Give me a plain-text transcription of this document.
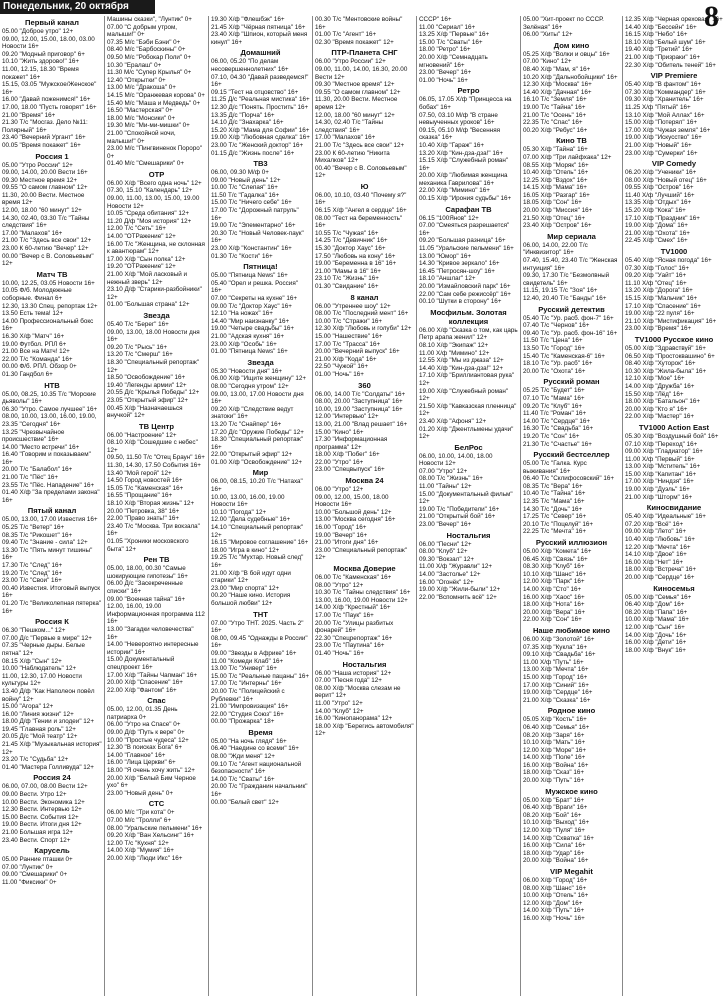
Понедельник, 20 октября	8
Первый канал
05.00 "Доброе утро" 12+
09.00, 12.00, 15.00, 18.00, 03.00 Новости 16+
09.20 "Модный приговор" 6+
10.10 "Жить здорово!" 16+
11.00, 12.15, 18.30 "Время покажет" 16+
15.15, 03.05 "Мужское/Женское" 16+
16.00 "Давай поженимся!" 16+
17.00, 18.00 "Пусть говорят" 16+
21.00 "Время" 16+
21.30 Т/с "Мосгаз. Дело №11: Полярный" 16+
23.40 "Вечерний Ургант" 16+
00.05 "Время покажет" 16+
Россия 1
05.00 "Утро России" 12+
09.00, 14.00, 20.00 Вести 16+
09.30 Местное время 12+
09.55 "О самом главном" 12+
11.30, 20.00 Вести. Местное время 12+
12.00, 18.00 "60 минут" 12+
14.30, 02.40, 03.30 Т/с "Тайны следствия" 16+
17.00 "Малахов" 16+
21.00 Т/с "Здесь все свои" 12+
23.00 К 60-летию "Вечер" 12+
00.00 "Вечер с В. Соловьевым" 12+
Матч ТВ
10.00, 12.25, 03.05 Новости 16+
10.05 Ф/б. Молодежные соборные. Финал 6+
12.30, 13.30 Спец. репортаж 12+
13.50 Есть тема! 12+
14.00 Профессиональный бокс 16+
16.30 Х/ф "Матч" 16+
19.00 Футбол. РПЛ 6+
21.00 Все на Матч! 12+
22.00 Т/с "Команда" 16+
00.00 Ф/б. РПЛ. Обзор 0+
01.30 Гандбол 6+
НТВ
05.00, 08.25, 10.35 Т/с "Морские дьяволы" 16+
06.30 "Утро. Самое лучшее" 16+
08.00, 10.00, 13.00, 16.00, 19.00, 23.35 "Сегодня" 16+
13.25 "Чрезвычайное происшествие" 16+
14.00 "Место встречи" 16+
16.40 "Говорим и показываем" 16+
20.00 Т/с "Балабол" 16+
21.00 Т/с "Пёс" 16+
23.55 Т/с "Пёс. Нападение" 16+
01.40 Х/ф "За пределами закона" 16+
Пятый канал
05.00, 13.00, 17.00 Известия 16+
05.25 Т/с "Ветер" 16+
08.35 Т/с "Рикошет" 16+
09.40 Т/с "Знание - сила" 12+
13.30 Т/с "Пять минут тишины" 16+
17.30 Т/с "След" 16+
19.20 Т/с "След" 16+
23.00 Т/с "Свои" 16+
00.40 Известия. Итоговый выпуск 16+
01.20 Т/с "Великолепная пятерка" 16+
Россия К
06.30 "Пешком..." 12+
07.00 Д/с "Первые в мире" 12+
07.35 "Черные дыры. Белые пятна" 12+
08.15 Х/ф "Сын" 12+
10.00 "Наблюдатель" 12+
11.00, 12.30, 17.00 Новости культуры 12+
13.40 Д/ф "Как Наполеон повёл войну" 12+
15.00 "Агора" 12+
16.00 "Линия жизни" 12+
18.00 Д/ф "Гении и злодеи" 12+
19.45 "Главная роль" 12+
20.05 Д/с "Мой театр" 12+
21.45 Х/ф "Музыкальная история" 12+
23.20 Т/с "Судьба" 12+
01.40 "Мастера Голливуда" 12+
Россия 24
06.00, 07.00, 08.00 Вести 12+
09.00 Вести. Утро 12+
10.00 Вести. Экономика 12+
12.30 Вести. Интервью 12+
15.00 Вести. События 12+
19.00 Вести. Итоги дня 12+
21.00 Большая игра 12+
23.40 Вести. Спорт 12+
Карусель
05.00 Ранние пташки 0+
07.00 "Лунтик" 0+
09.00 "Смешарики" 0+
11.00 "Фиксики" 0+
Машины сказки", "Лунтик" 0+
07.00 "С добрым утром, малыши!" 0+
07.35 М/с "Бэби Бэни" 0+
08.40 М/с "Барбоскины" 0+
09.50 М/с "Робокар Поли" 0+
10.30 "Ералаш" 0+
11.30 М/с "Супер Крылья" 0+
12.40 "Открытки" 0+
13.00 М/с "Дракоша" 0+
14.15 М/с "Оранжевая корова" 0+
15.40 М/с "Маша и Медведь" 0+
16.50 "Мастерская" 0+
18.00 М/с "Монсики" 0+
19.30 М/с "Ми-ми-мишки" 0+
21.00 "Спокойной ночи, малыши!" 0+
23.00 М/с "Пингвиненок Пороро" 0+
01.40 М/с "Смешарики" 0+
ОТР
06.00 Х/ф "Всего одна ночь" 12+
07.30, 15.10 "Календарь" 12+
09.00, 11.00, 13.00, 15.00, 19.00 Новости 12+
10.05 "Среда обитания" 12+
11.20 Д/ф "Моя история" 12+
12.00 Т/с "Сеть" 16+
14.00 "ОТРажение" 12+
16.00 Т/с "Женщина, не склонная к авантюрам" 12+
17.00 Х/ф "Сын полка" 12+
19.20 "ОТРажение" 12+
21.00 Х/ф "Мой ласковый и нежный зверь" 12+
23.10 Д/ф "Старики-разбойники" 12+
01.00 "Большая страна" 12+
Звезда
05.40 Т/с "Берег" 16+
09.00, 13.00, 18.00 Новости дня 16+
09.20 Т/с "Рысь" 16+
13.20 Т/с "Смерш" 16+
18.30 "Специальный репортаж" 12+
18.50 "Освобождение" 16+
19.40 "Легенды армии" 12+
20.55 Д/с "Крылья Победы" 12+
23.05 "Открытый эфир" 12+
00.45 Х/ф "Назначаешься внучкой" 12+
ТВ Центр
06.00 "Настроение" 12+
08.10 Х/ф "Сошедшие с небес" 12+
09.50, 11.50 Т/с "Отец Браун" 16+
11.30, 14.30, 17.50 События 16+
13.40 "Мой герой" 12+
14.50 Город новостей 16+
15.05 Т/с "Каменская" 16+
16.55 "Прощание" 16+
18.10 Х/ф "Вторая жизнь" 12+
20.00 "Петровка, 38" 16+
22.00 "Право знать!" 16+
23.40 Т/с "Москва. Три вокзала" 16+
01.05 "Хроники московского быта" 12+
Рен ТВ
05.00, 18.00, 00.30 "Самые шокирующие гипотезы" 16+
06.00 Д/с "Засекреченные списки" 16+
09.00 "Военная тайна" 16+
12.00, 16.00, 19.00 Информационная программа 112 16+
13.00 "Загадки человечества" 16+
14.00 "Невероятно интересные истории" 16+
15.00 Документальный спецпроект 16+
17.00 Х/ф "Тайны Чапман" 16+
20.00 Х/ф "Спасение" 16+
22.00 Х/ф "Фантом" 16+
Спас
05.00, 12.00, 01.35 День патриарха 0+
06.00 "Утро на Спасе" 0+
09.00 Д/ф "Путь к вере" 0+
10.00 "Простые чудеса" 12+
12.30 "В поисках Бога" 6+
14.00 "Главное" 16+
16.00 "Лица Церкви" 6+
18.00 "Я очень хочу жить" 12+
20.00 Х/ф "Белый Бим Черное ухо" 6+
23.00 "Новый день" 0+
СТС
06.00 М/с "Три кота" 0+
07.00 М/с "Тролли" 6+
08.00 "Уральские пельмени" 16+
09.20 Х/ф "Ван Хельсинг" 16+
12.00 Т/с "Кухня" 12+
14.00 Х/ф "Мумия" 16+
20.00 Х/ф "Люди Икс" 16+
19.30 Х/ф "Флешбэк" 16+
21.45 Х/ф "Чёрная пятница" 16+
23.40 Х/ф "Шпион, который меня кинул" 16+
Домашний
06.00, 05.20 "По делам несовершеннолетних" 16+
07.10, 04.30 "Давай разведемся!" 16+
09.15 "Тест на отцовство" 16+
11.25 Д/с "Реальная мистика" 16+
12.30 Д/с "Понять. Простить" 16+
13.35 Д/с "Порча" 16+
14.10 Д/с "Знахарка" 16+
15.20 Х/ф "Мама для Софии" 16+
19.00 Х/ф "Любовная сделка" 16+
23.00 Т/с "Женский доктор" 16+
01.15 Д/с "Жизнь после" 16+
ТВ3
06.00, 09.30 М/ф 0+
09.00 "Новый день" 12+
10.00 Т/с "Слепая" 16+
11.50 Т/с "Гадалка" 16+
15.00 Т/с "Ничего себе" 16+
17.00 Т/с "Дорожный патруль" 16+
19.00 Т/с "Элементарно" 16+
20.30 Т/с "Новый Человек-паук" 16+
23.00 Х/ф "Константин" 16+
01.30 Т/с "Кости" 16+
Пятница!
05.00 "Пятница News" 16+
05.40 "Орел и решка. Россия" 16+
07.00 "Секреты на кухне" 16+
09.00 Т/с "Доктор Хаус" 16+
12.10 "На ножах" 16+
14.40 "Мир наизнанку" 16+
19.00 "Четыре свадьбы" 16+
21.00 "Адская кухня" 16+
23.00 Х/ф "Особь" 16+
01.00 "Пятница News" 16+
Звезда
05.30 "Новости дня" 16+
06.00 Х/ф "Ищите женщину" 12+
08.00 "Сегодня утром" 12+
09.00, 13.00, 17.00 Новости дня 16+
09.20 Х/ф "Следствие ведут знатоки" 16+
13.20 Т/с "Снайпер" 16+
17.20 Д/с "Оружие Победы" 12+
18.30 "Специальный репортаж" 16+
22.00 "Открытый эфир" 12+
01.00 Х/ф "Освобождение" 12+
Мир
06.00, 08.15, 10.20 Т/с "Натаха" 16+
10.00, 13.00, 16.00, 19.00 Новости 16+
10.10 "Погода" 12+
12.00 "Дела судебные" 16+
14.10 "Специальный репортаж" 12+
16.15 "Мировое соглашение" 16+
18.00 "Игра в кино" 12+
19.25 Т/с "Мухтар. Новый след" 16+
21.00 Х/ф "В бой идут одни старики" 12+
23.00 "Мир спорта" 12+
00.20 "Наше кино. История большой любви" 12+
ТНТ
07.00 "Утро ТНТ. 2025. Часть 2" 16+
08.00, 09.45 "Однажды в России" 16+
09.00 "Звезды в Африке" 16+
11.00 "Комеди Клаб" 16+
13.00 Т/с "Универ" 16+
15.00 Т/с "Реальные пацаны" 16+
17.00 Т/с "Интерны" 16+
20.00 Т/с "Полицейский с Рублевки" 16+
21.00 "Импровизация" 16+
22.00 "Студия Союз" 16+
00.00 "Прожарка" 18+
Время
05.00 "На ночь глядя" 16+
06.40 "Наедине со всеми" 16+
08.00 "Жди меня" 12+
09.10 Т/с "Агент национальной безопасности" 16+
14.00 Т/с "Сваты" 16+
20.00 Т/с "Гражданин начальник" 16+
00.00 "Белый свет" 12+
00.30 Т/с "Ментовские войны" 16+
01.00 Т/с "Агент" 16+
02.30 "Время покажет" 12+
ПТР-Планета СНГ
06.00 "Утро России" 12+
09.00, 11.00, 14.00, 16.30, 20.00 Вести 12+
09.30 "Местное время" 12+
09.55 "О самом главном" 12+
11.30, 20.00 Вести. Местное время 12+
12.00, 18.00 "60 минут" 12+
14.30, 02.40 Т/с "Тайны следствия" 16+
17.00 "Малахов" 16+
21.00 Т/с "Здесь все свои" 12+
23.00 К 60-летию "Никита Михалков" 12+
00.40 "Вечер с В. Соловьевым" 12+
Ю
06.00, 10.10, 03.40 "Почему я?" 16+
06.15 Х/ф "Ангел в сердце" 16+
08.00 "Тест на беременность" 16+
10.55 Т/с "Чужая" 16+
14.25 Т/с "Девичник" 16+
15.30 "Доктор Хаус" 16+
17.50 "Любовь на кону" 16+
19.00 "Беременна в 16" 16+
21.00 "Мамы в 16" 16+
23.10 Т/с "Жизнь" 16+
01.30 "Свидание" 16+
8 канал
06.00 "Утреннее шоу" 12+
08.00 Т/с "Последний мент" 16+
10.00 Т/с "Стражи" 16+
12.30 Х/ф "Любовь и голуби" 12+
15.00 "Нашествие" 16+
17.00 Т/с "Трасса" 16+
20.00 "Вечерний выпуск" 16+
21.00 Х/ф "Кода" 16+
22.50 "Чужой" 16+
01.00 "Ночь" 16+
360
06.00, 14.00 Т/с "Солдаты" 16+
08.00, 20.00 "Заступница" 16+
10.00, 19.00 "Заступница" 16+
12.00 "Интервью" 12+
13.00, 21.00 "Влад решает" 16+
15.00 "Кино" 16+
17.30 "Информационная программа" 12+
18.00 Х/ф "Побег" 16+
22.00 "Утро" 16+
23.00 "Спецвыпуск" 16+
Москва 24
06.00 "Утро" 12+
09.00, 12.00, 15.00, 18.00 Новости 16+
10.00 "Большой день" 12+
13.00 "Москва сегодня" 16+
16.00 "Город" 16+
19.00 "Вечер" 16+
21.00 "Итоги дня" 16+
23.00 "Специальный репортаж" 12+
Москва Доверие
06.00 Т/с "Каменская" 16+
08.00 "Утро" 12+
10.30 Т/с "Тайны следствия" 16+
13.00, 16.00, 19.00 Новости 12+
14.00 Х/ф "Крестный" 16+
17.00 Т/с "Паук" 16+
20.00 Т/с "Улицы разбитых фонарей" 16+
22.30 "Спецрепортаж" 16+
23.00 Т/с "Паутина" 16+
01.40 "Ночь" 16+
Ностальгия
06.00 "Наша история" 12+
07.00 "Песня года" 12+
08.00 Х/ф "Москва слезам не верит" 12+
11.00 "Утро" 12+
14.00 "Клуб" 12+
16.00 "Кинопанорама" 12+
18.00 Х/ф "Берегись автомобиля" 12+
СССР" 16+
11.00 "Сериал" 16+
13.25 Х/ф "Первые" 16+
15.00 Т/с "Сваты" 16+
18.00 "Ретро" 16+
20.00 Х/ф "Семнадцать мгновений" 16+
23.00 "Вечер" 16+
01.00 "Ночь" 16+
Ретро
06.05, 17.05 Х/ф "Принцесса на бобах" 16+
07.50, 03.10 М/ф "В стране невыученных уроков" 16+
09.15, 05.10 М/ф "Весенняя сказка" 16+
10.40 Х/ф "Гараж" 16+
13.20 Х/ф "Кин-дза-дза!" 16+
15.15 Х/ф "Служебный роман" 16+
20.00 Х/ф "Любимая женщина механика Гаврилова" 16+
22.00 Х/ф "Мимино" 16+
00.15 Х/ф "Ирония судьбы" 16+
Сарафан ТВ
06.15 "100Янов" 12+
07.00 "Смеяться разрешается" 16+
09.20 "Большая разница" 16+
11.05 "Уральские пельмени" 16+
13.00 "Юмор" 16+
14.30 "Кривое зеркало" 16+
16.45 "Петросян-шоу" 16+
18.10 "Аншлаг" 12+
20.00 "Измайловский парк" 16+
22.00 "Сам себе режиссёр" 16+
00.10 "Шутки в сторону" 16+
Мосфильм. Золотая коллекция
06.00 Х/ф "Сказка о том, как царь Петр арапа женил" 12+
08.10 Х/ф "Экипаж" 12+
11.00 Х/ф "Мимино" 12+
12.55 Х/ф "Мы из джаза" 12+
14.40 Х/ф "Кин-дза-дза!" 12+
17.10 Х/ф "Бриллиантовая рука" 12+
19.00 Х/ф "Служебный роман" 12+
21.50 Х/ф "Кавказская пленница" 12+
23.40 Х/ф "Афоня" 12+
01.20 Х/ф "Джентльмены удачи" 12+
БелРос
06.00, 10.00, 14.00, 18.00 Новости 12+
07.00 "Утро" 12+
08.00 Т/с "Жизнь" 16+
11.00 "Тайны" 12+
15.00 "Документальный фильм" 12+
19.00 Т/с "Победители" 16+
21.00 "Открытый бой" 16+
23.00 "Вечер" 16+
Ностальгия
06.00 "Песни" 12+
08.00 "Клуб" 12+
09.30 "Вокзал" 12+
11.00 Х/ф "Журавли" 12+
14.00 "Застолье" 12+
16.00 "Огонёк" 12+
19.00 Х/ф "Жили-были" 12+
22.00 "Вспомнить всё" 12+
05.00 "Хит-проект по СССР. Зелёная" 16+
06.00 "Хиты" 12+
Дом кино
05.25 Х/ф "Волки и овцы" 16+
07.00 "Кино" 12+
08.40 Х/ф "Мам, я" 16+
10.20 Х/ф "Дальнобойщики" 16+
12.30 Х/ф "Москва" 16+
14.40 Х/ф "Дачная" 16+
16.10 Т/с "Земля" 16+
19.00 Т/с "Тайна" 16+
21.00 Т/с "Осень" 16+
22.35 Т/с "Спас" 16+
00.20 Х/ф "Ребус" 16+
Кино ТВ
05.30 Х/ф "Тайна" 16+
07.00 Х/ф "Три лайфхака" 12+
08.55 Х/ф "Моряк" 16+
10.40 Х/ф "Отель" 16+
12.25 Х/ф "Вздох" 16+
14.15 Х/ф "Мама" 16+
16.05 Х/ф "Разгар" 16+
18.05 Х/ф "Сон" 16+
20.00 Х/ф "Миссия" 16+
21.50 Х/ф "Отец" 16+
23.40 Х/ф "Остров" 16+
Мир сериала
06.00, 14.00, 22.00 Т/с "Инквизитор" 16+
07.40, 15.40, 23.40 Т/с "Женская интуиция" 16+
09.30, 17.30 Т/с "Безмолвный свидетель" 16+
11.15, 19.15 Т/с "Зоя" 16+
12.40, 20.40 Т/с "Банды" 16+
Русский детектив
05.40 Т/с "Ур. расб. фон-7" 16+
07.40 Т/с "Чернов" 16+
09.40 Т/с "Ур. расб. фон-16" 16+
11.50 Т/с "Цена" 16+
13.50 Т/с "Город" 16+
15.40 Т/с "Каменская-6" 16+
18.10 Т/с "Ур. расб" 16+
20.00 Т/с "Охота" 16+
Русский роман
05.25 Т/с "Будет" 16+
07.10 Т/с "Мама" 16+
09.20 Т/с "Клуб" 16+
11.40 Т/с "Роман" 16+
14.00 Т/с "Сердце" 16+
16.30 Т/с "Свадьба" 16+
19.20 Т/с "Сон" 16+
21.30 Т/с "Счастье" 16+
Русский бестселлер
05.00 Т/с "Галка. Курс выживания" 16+
06.40 Т/с "Склифосовский" 16+
08.35 Т/с "Вера" 16+
10.40 Т/с "Тайна" 16+
12.35 Т/с "Мама" 16+
14.30 Т/с "Дочь" 16+
17.25 Т/с "Север" 16+
20.10 Т/с "Поцелуй" 16+
22.25 Т/с "Мечта" 16+
Русский иллюзион
05.00 Х/ф "Комета" 16+
06.45 Х/ф "Связь" 16+
08.30 Х/ф "Клуб" 16+
10.10 Х/ф "Шанс" 16+
12.00 Х/ф "Парк" 16+
14.00 Х/ф "Сто" 16+
16.00 Х/ф "Хаос" 16+
18.00 Х/ф "Нота" 16+
20.00 Х/ф "Вера" 16+
22.00 Х/ф "Сон" 16+
Наше любимое кино
06.00 Х/ф "Золотой" 16+
07.35 Х/ф "Кукла" 16+
09.10 Х/ф "Свадьба" 16+
11.00 Х/ф "Путь" 16+
13.00 Х/ф "Мечта" 16+
15.00 Х/ф "Город" 16+
17.00 Х/ф "Синий" 16+
19.00 Х/ф "Сердце" 16+
21.00 Х/ф "Сказка" 16+
Родное кино
05.05 Х/ф "Кость" 16+
06.40 Х/ф "Семья" 16+
08.20 Х/ф "Заря" 16+
10.10 Х/ф "Мать" 16+
12.00 Х/ф "Море" 16+
14.00 Х/ф "Поле" 16+
16.00 Х/ф "Война" 16+
18.00 Х/ф "Сказ" 16+
20.00 Х/ф "Путь" 16+
Мужское кино
05.00 Х/ф "Брат" 16+
06.40 Х/ф "Враги" 16+
08.20 Х/ф "Бой" 16+
10.10 Х/ф "Выход" 16+
12.00 Х/ф "Пуля" 16+
14.00 Х/ф "Схватка" 16+
16.00 Х/ф "Сила" 16+
18.00 Х/ф "Удар" 16+
20.00 Х/ф "Война" 16+
VIP Megahit
06.00 Х/ф "Город" 16+
08.00 Х/ф "Шанс" 16+
10.00 Х/ф "Отель" 16+
12.00 Х/ф "Дом" 16+
14.00 Х/ф "Путь" 16+
16.00 Х/ф "Ночь" 16+
12.35 Х/ф "Черная ореховая" 16+
14.40 Х/ф "Бессейн" 16+
16.15 Х/ф "Небо" 16+
18.10 Х/ф "Белый шум" 16+
19.40 Х/ф "Третий" 16+
21.00 Х/ф "Призраки" 16+
22.30 Х/ф "Обитель теней" 16+
VIP Premiere
05.40 Х/ф "В фантом" 16+
07.30 Х/ф "Коммандер" 16+
09.30 Х/ф "Хранитель" 16+
11.25 Х/ф "Пятый" 16+
13.10 Х/ф "Мой Аллах" 16+
15.00 Х/ф "Потерял" 16+
17.00 Х/ф "Чужая земля" 16+
19.00 Х/ф "Искусство" 16+
21.00 Х/ф "Новый" 16+
23.00 Х/ф "Сумерки" 16+
VIP Comedy
06.20 Х/ф "Ученики" 16+
08.00 Х/ф "Новый отец" 16+
09.55 Х/ф "Остров" 16+
11.40 Х/ф "Лучший" 16+
13.35 Х/ф "Отдых" 16+
15.20 Х/ф "Кока" 16+
17.10 Х/ф "Праздник" 16+
19.00 Х/ф "Дома" 16+
21.00 Х/ф "Охота" 16+
22.45 Х/ф "Смех" 16+
TV1000
05.40 Х/ф "Ясная погода" 16+
07.30 Х/ф "Голос" 16+
09.20 Х/ф "Уайт" 16+
11.10 Х/ф "Отец" 16+
13.20 Х/ф "Дорога" 16+
15.15 Х/ф "Мальчик" 16+
17.10 Х/ф "Спасение" 16+
19.00 Х/ф "22 пуля" 16+
21.10 Х/ф "Мистификация" 16+
23.00 Х/ф "Время" 16+
TV1000 Русское кино
05.00 Х/ф "Здравствуй" 16+
06.50 Х/ф "Простоквашино" 6+
08.40 Х/ф "Хуторок" 16+
10.30 Х/ф "Жила-была" 16+
12.10 Х/ф "Мое" 16+
14.00 Х/ф "Дружба" 16+
15.50 Х/ф "Лёд" 16+
18.00 Х/ф "Батальон" 16+
20.00 Х/ф "Кто я" 16+
22.00 Х/ф "Мастер" 16+
TV1000 Action East
05.30 Х/ф "Воздушный бой" 16+
07.10 Х/ф "Переход" 16+
09.00 Х/ф "Гладиатор" 16+
11.00 Х/ф "Первый" 16+
13.00 Х/ф "Мститель" 16+
15.00 Х/ф "Капитан" 16+
17.00 Х/ф "Ниндзя" 16+
19.00 Х/ф "Дуэль" 16+
21.00 Х/ф "Шторм" 16+
Киносвидание
05.40 Х/ф "Идеальные" 16+
07.20 Х/ф "Всё" 16+
09.00 Х/ф "Лето" 16+
10.40 Х/ф "Любовь" 16+
12.20 Х/ф "Мечта" 16+
14.10 Х/ф "Двое" 16+
16.00 Х/ф "Нет" 16+
18.00 Х/ф "Встреча" 16+
20.00 Х/ф "Сердце" 16+
Киносемья
05.00 Х/ф "Семья" 16+
06.40 Х/ф "Дом" 16+
08.20 Х/ф "Папа" 16+
10.00 Х/ф "Мама" 16+
12.00 Х/ф "Сын" 16+
14.00 Х/ф "Дочь" 16+
16.00 Х/ф "Дети" 16+
18.00 Х/ф "Внук" 16+
